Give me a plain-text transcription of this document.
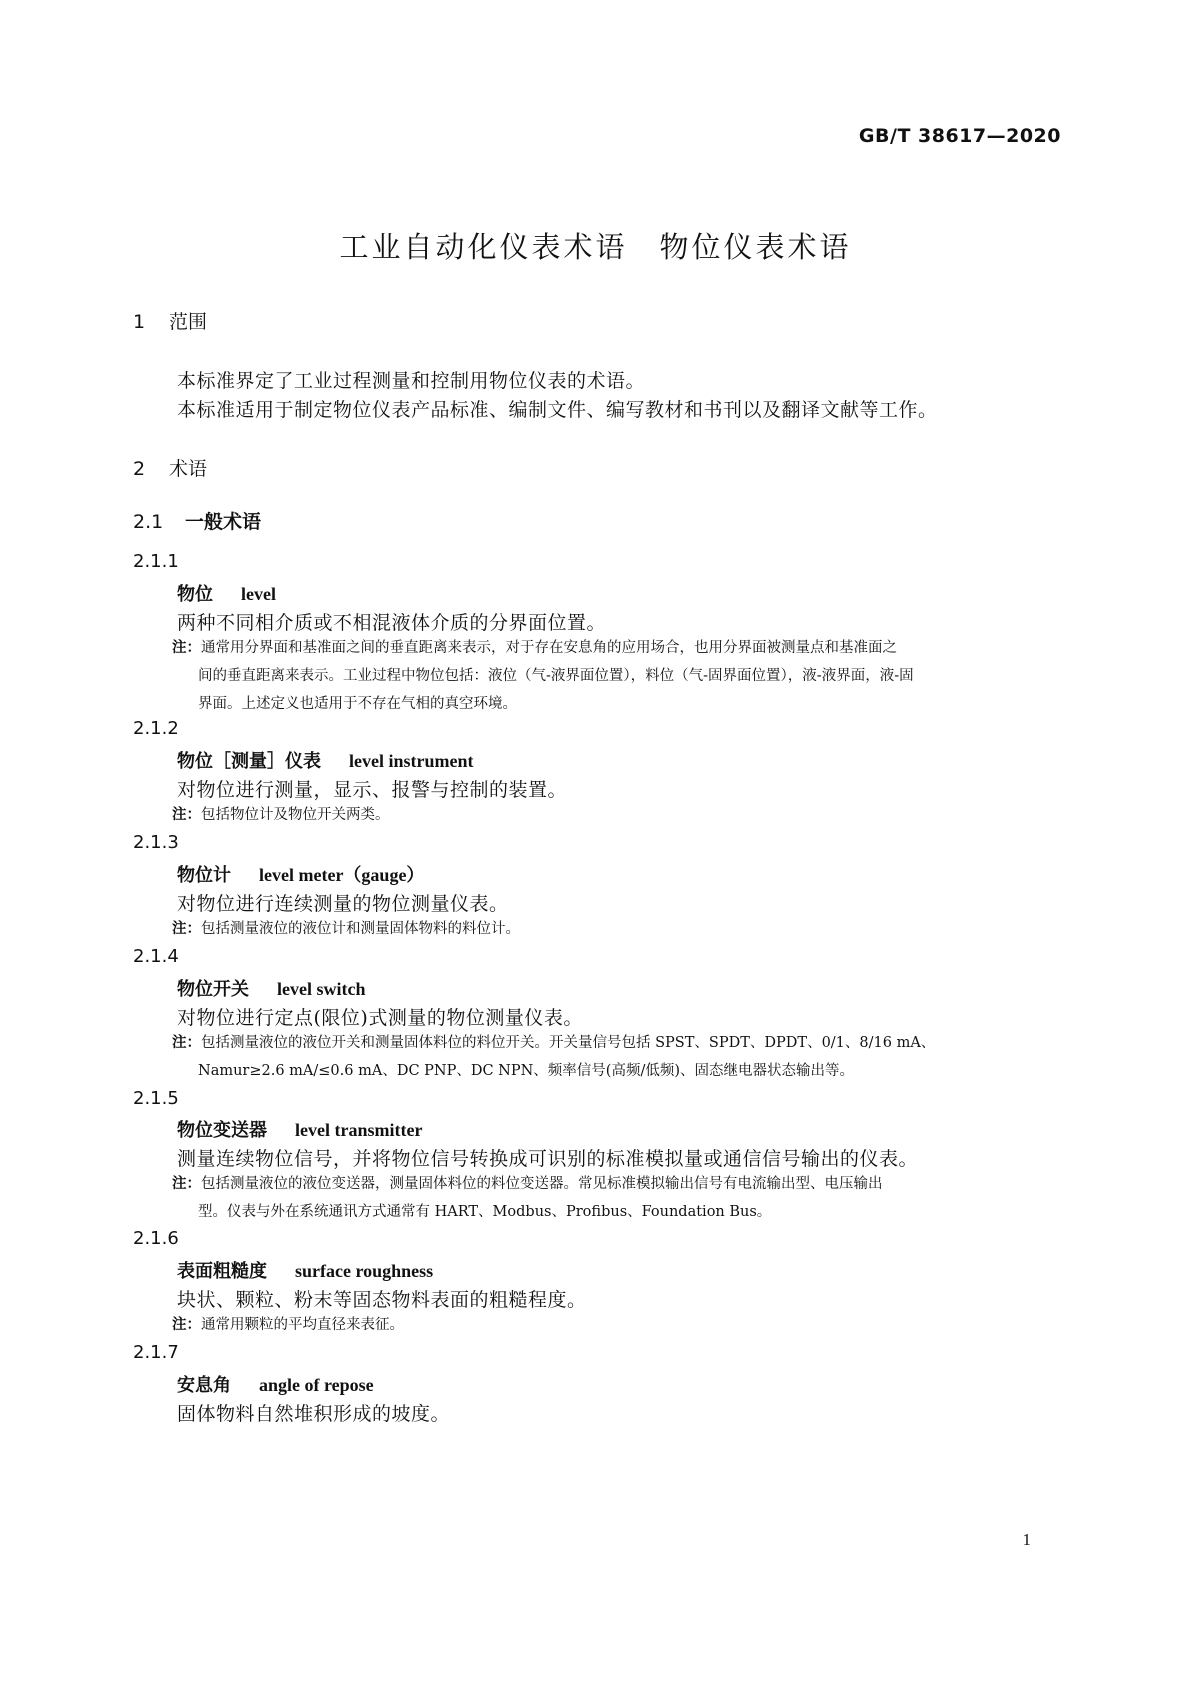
GB/T 38617—2020
工业自动化仪表术语　物位仪表术语
1 范围
本标准界定了工业过程测量和控制用物位仪表的术语。
本标准适用于制定物位仪表产品标准、编制文件、编写教材和书刊以及翻译文献等工作。
2 术语
2.1 一般术语
2.1.1
物位 level
两种不同相介质或不相混液体介质的分界面位置。
注：通常用分界面和基准面之间的垂直距离来表示，对于存在安息角的应用场合，也用分界面被测量点和基准面之
间的垂直距离来表示。工业过程中物位包括：液位（气-液界面位置），料位（气-固界面位置），液-液界面，液-固
界面。上述定义也适用于不存在气相的真空环境。
2.1.2
物位［测量］仪表 level instrument
对物位进行测量，显示、报警与控制的装置。
注：包括物位计及物位开关两类。
2.1.3
物位计 level meter（gauge）
对物位进行连续测量的物位测量仪表。
注：包括测量液位的液位计和测量固体物料的料位计。
2.1.4
物位开关 level switch
对物位进行定点(限位)式测量的物位测量仪表。
注：包括测量液位的液位开关和测量固体料位的料位开关。开关量信号包括 SPST、SPDT、DPDT、0/1、8/16 mA、
Namur≥2.6 mA/≤0.6 mA、DC PNP、DC NPN、频率信号(高频/低频)、固态继电器状态输出等。
2.1.5
物位变送器 level transmitter
测量连续物位信号，并将物位信号转换成可识别的标准模拟量或通信信号输出的仪表。
注：包括测量液位的液位变送器，测量固体料位的料位变送器。常见标准模拟输出信号有电流输出型、电压输出
型。仪表与外在系统通讯方式通常有 HART、Modbus、Profibus、Foundation Bus。
2.1.6
表面粗糙度 surface roughness
块状、颗粒、粉末等固态物料表面的粗糙程度。
注：通常用颗粒的平均直径来表征。
2.1.7
安息角 angle of repose
固体物料自然堆积形成的坡度。
1
